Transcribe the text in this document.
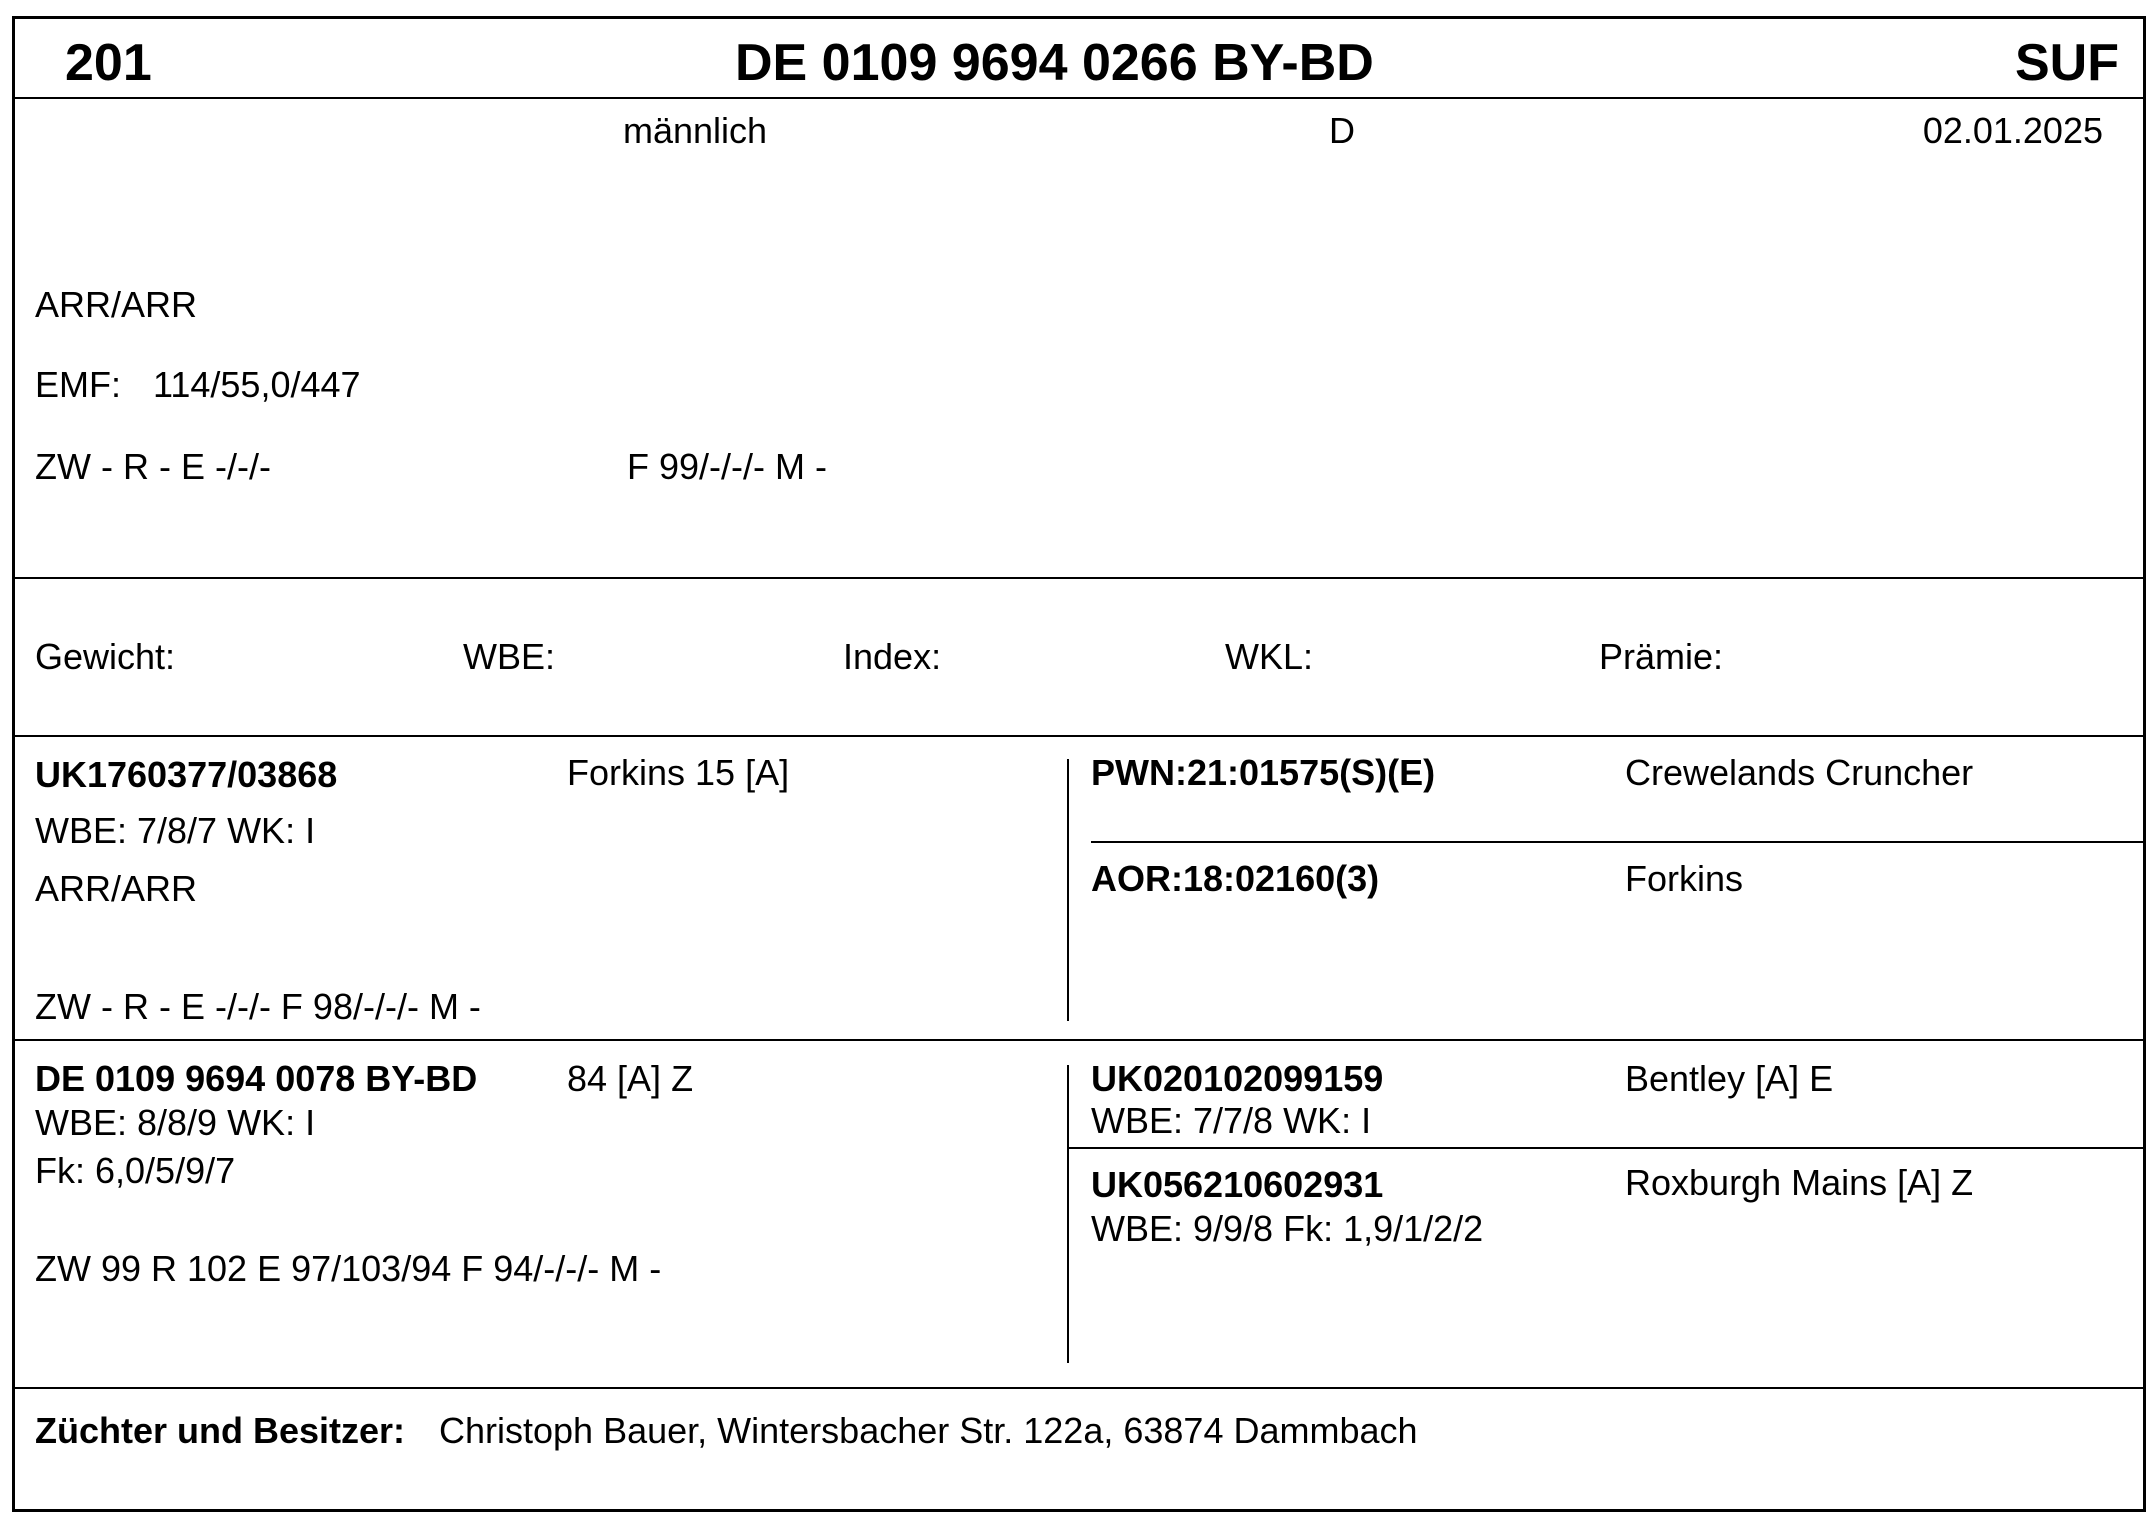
201	DE 0109 9694 0266 BY-BD	SUF
männlich	D	02.01.2025
ARR/ARR
EMF: 114/55,0/447
ZW - R - E -/-/-	F 99/-/-/- M -
Gewicht:	WBE:	Index:	WKL:	Prämie:
UK1760377/03868	Forkins 15 [A]
WBE: 7/8/7 WK: I
ARR/ARR
ZW - R - E -/-/- F 98/-/-/- M -
PWN:21:01575(S)(E)	Crewelands Cruncher
AOR:18:02160(3)	Forkins
DE 0109 9694 0078 BY-BD 84 [A] Z
WBE: 8/8/9 WK: I
Fk: 6,0/5/9/7
ZW 99 R 102 E 97/103/94 F 94/-/-/- M -
UK020102099159	Bentley [A] E
WBE: 7/7/8 WK: I
UK056210602931	Roxburgh Mains [A] Z
WBE: 9/9/8 Fk: 1,9/1/2/2
Züchter und Besitzer: Christoph Bauer, Wintersbacher Str. 122a, 63874 Dammbach
